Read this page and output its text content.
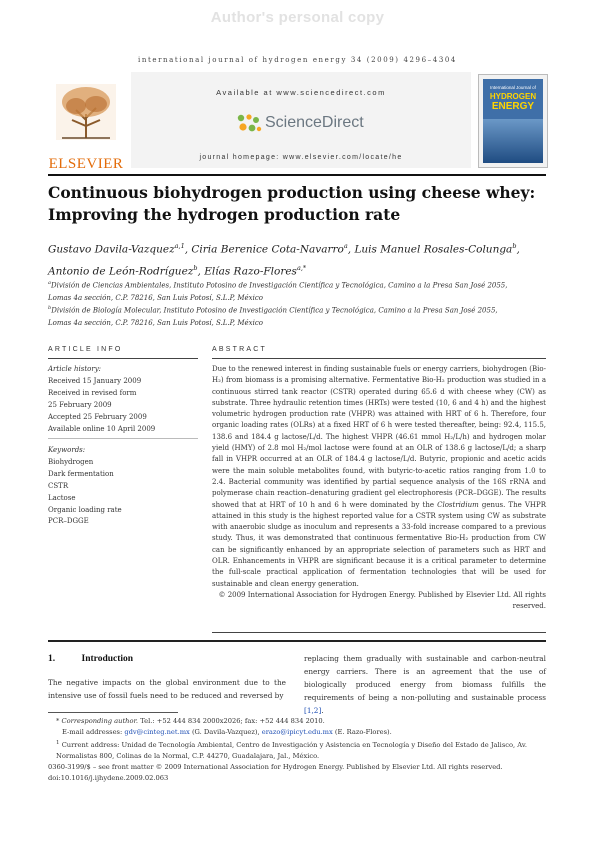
Author's personal copy
international journal of hydrogen energy 34 (2009) 4296–4304
ELSEVIER
Available at www.sciencedirect.com
ScienceDirect
journal homepage: www.elsevier.com/locate/he
International Journal of
HYDROGEN
ENERGY
Continuous biohydrogen production using cheese whey:
Improving the hydrogen production rate
Gustavo Davila-Vazquez$^{a,1}$, Ciria Berenice Cota-Navarro$^a$, Luis Manuel Rosales-Colunga$^b$,
Antonio de León-Rodríguez$^b$, Elías Razo-Flores$^{a,*}$
$^a$División de Ciencias Ambientales, Instituto Potosino de Investigación Científica y Tecnológica, Camino a la Presa San José 2055,
Lomas 4a sección, C.P. 78216, San Luis Potosí, S.L.P, México
$^b$División de Biología Molecular, Instituto Potosino de Investigación Científica y Tecnológica, Camino a la Presa San José 2055,
Lomas 4a sección, C.P. 78216, San Luis Potosí, S.L.P, México
ARTICLE INFO
Article history:
Received 15 January 2009
Received in revised form
25 February 2009
Accepted 25 February 2009
Available online 10 April 2009
Keywords:
Biohydrogen
Dark fermentation
CSTR
Lactose
Organic loading rate
PCR–DGGE
ABSTRACT
Due to the renewed interest in finding sustainable fuels or energy carriers, biohydrogen (Bio-H₂) from biomass is a promising alternative. Fermentative Bio-H₂ production was studied in a continuous stirred tank reactor (CSTR) operated during 65.6 d with cheese whey (CW) as substrate. Three hydraulic retention times (HRTs) were tested (10, 6 and 4 h) and the highest volumetric hydrogen production rate (VHPR) was attained with HRT of 6 h. Therefore, four organic loading rates (OLRs) at a fixed HRT of 6 h were tested thereafter, being: 92.4, 115.5, 138.6 and 184.4 g lactose/L/d. The highest VHPR (46.61 mmol H₂/L/h) and hydrogen molar yield (HMY) of 2.8 mol H₂/mol lactose were found at an OLR of 138.6 g lactose/L/d; a sharp fall in VHPR occurred at an OLR of 184.4 g lactose/L/d. Butyric, propionic and acetic acids were the main soluble metabolites found, with butyric-to-acetic ratios ranging from 1.0 to 2.4. Bacterial community was identified by partial sequence analysis of the 16S rRNA and polymerase chain reaction–denaturing gradient gel electrophoresis (PCR–DGGE). The results showed that at HRT of 10 h and 6 h were dominated by the Clostridium genus. The VHPR attained in this study is the highest reported value for a CSTR system using CW as substrate with anaerobic sludge as inoculum and represents a 33-fold increase compared to a previous study. Thus, it was demonstrated that continuous fermentative Bio-H₂ production from CW can be significantly enhanced by an appropriate selection of parameters such as HRT and OLR. Enhancements in VHPR are significant because it is a critical parameter to determine the full-scale practical application of fermentation technologies that will be used for sustainable and clean energy generation.
© 2009 International Association for Hydrogen Energy. Published by Elsevier Ltd. All rights reserved.
1.	Introduction
The negative impacts on the global environment due to the intensive use of fossil fuels need to be reduced and reversed by
replacing them gradually with sustainable and carbon-neutral energy carriers. There is an agreement that the use of biologically produced energy from biomass fulfills the requirements of being a non-polluting and sustainable process [1,2].
* Corresponding author. Tel.: +52 444 834 2000x2026; fax: +52 444 834 2010.
E-mail addresses: gdv@cinteg.net.mx (G. Davila-Vazquez), erazo@ipicyt.edu.mx (E. Razo-Flores).
$^1$ Current address: Unidad de Tecnología Ambiental, Centro de Investigación y Asistencia en Tecnología y Diseño del Estado de Jalisco, Av. Normalistas 800, Colinas de la Normal, C.P. 44270, Guadalajara, Jal., México.
0360-3199/$ – see front matter © 2009 International Association for Hydrogen Energy. Published by Elsevier Ltd. All rights reserved.
doi:10.1016/j.ijhydene.2009.02.063
